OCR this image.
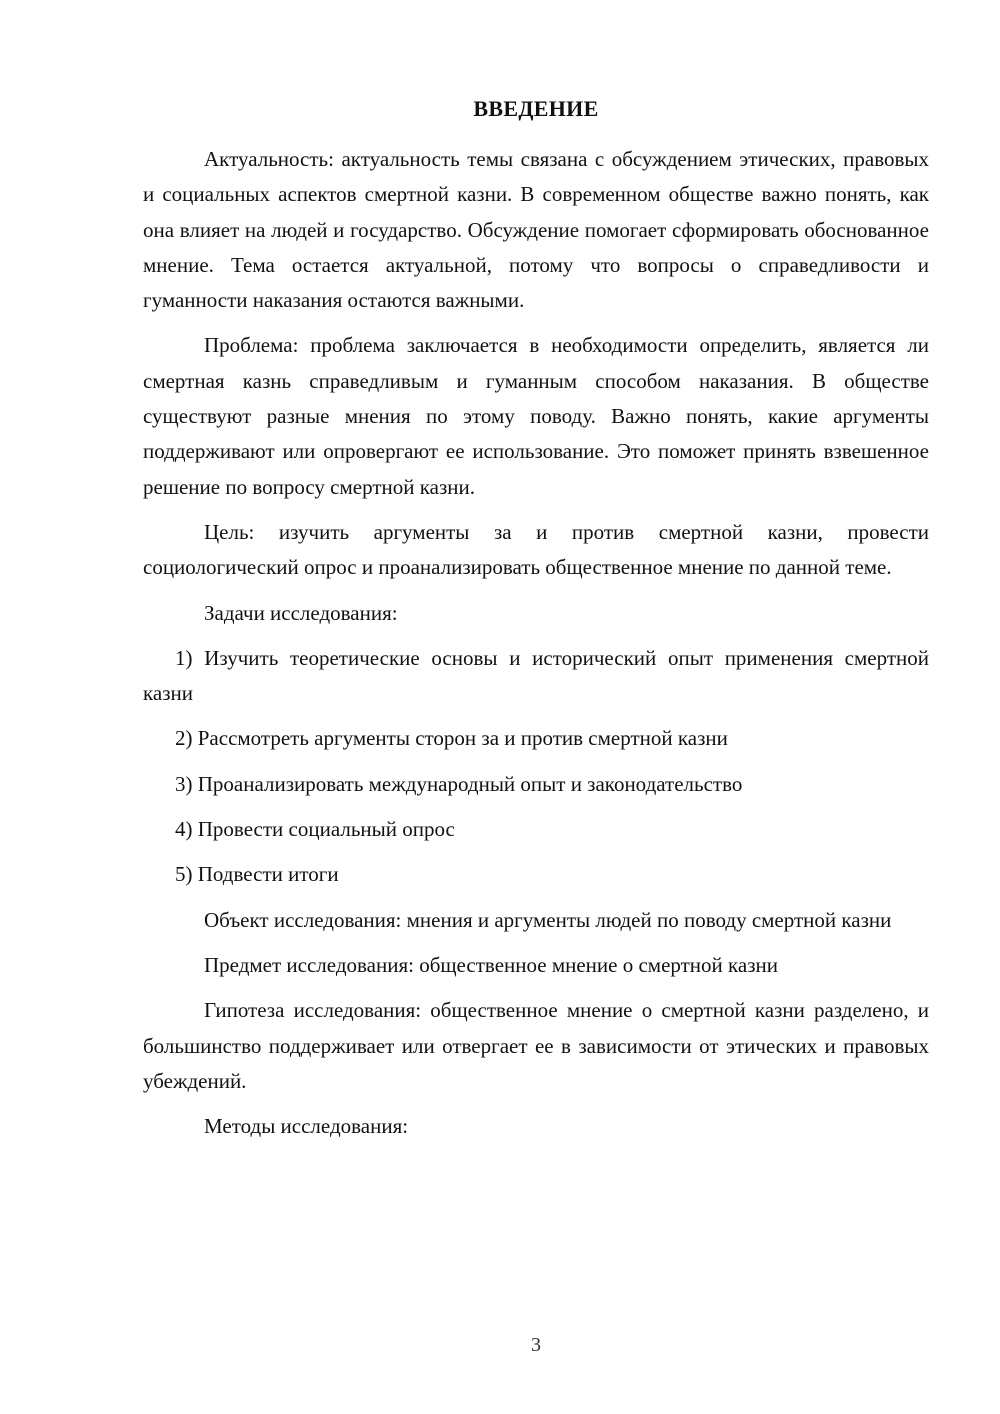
ВВЕДЕНИЕ

Актуальность: актуальность темы связана с обсуждением этических, правовых и социальных аспектов смертной казни. В современном обществе важно понять, как она влияет на людей и государство. Обсуждение помогает сформировать обоснованное мнение. Тема остается актуальной, потому что вопросы о справедливости и гуманности наказания остаются важными.

Проблема: проблема заключается в необходимости определить, является ли смертная казнь справедливым и гуманным способом наказания. В обществе существуют разные мнения по этому поводу. Важно понять, какие аргументы поддерживают или опровергают ее использование. Это поможет принять взвешенное решение по вопросу смертной казни.

Цель: изучить аргументы за и против смертной казни, провести социологический опрос и проанализировать общественное мнение по данной теме.

Задачи исследования:

1) Изучить теоретические основы и исторический опыт применения смертной казни

2) Рассмотреть аргументы сторон за и против смертной казни

3) Проанализировать международный опыт и законодательство

4) Провести социальный опрос

5) Подвести итоги

Объект исследования: мнения и аргументы людей по поводу смертной казни

Предмет исследования: общественное мнение о смертной казни

Гипотеза исследования: общественное мнение о смертной казни разделено, и большинство поддерживает или отвергает ее в зависимости от этических и правовых убеждений.

Методы исследования:

3
